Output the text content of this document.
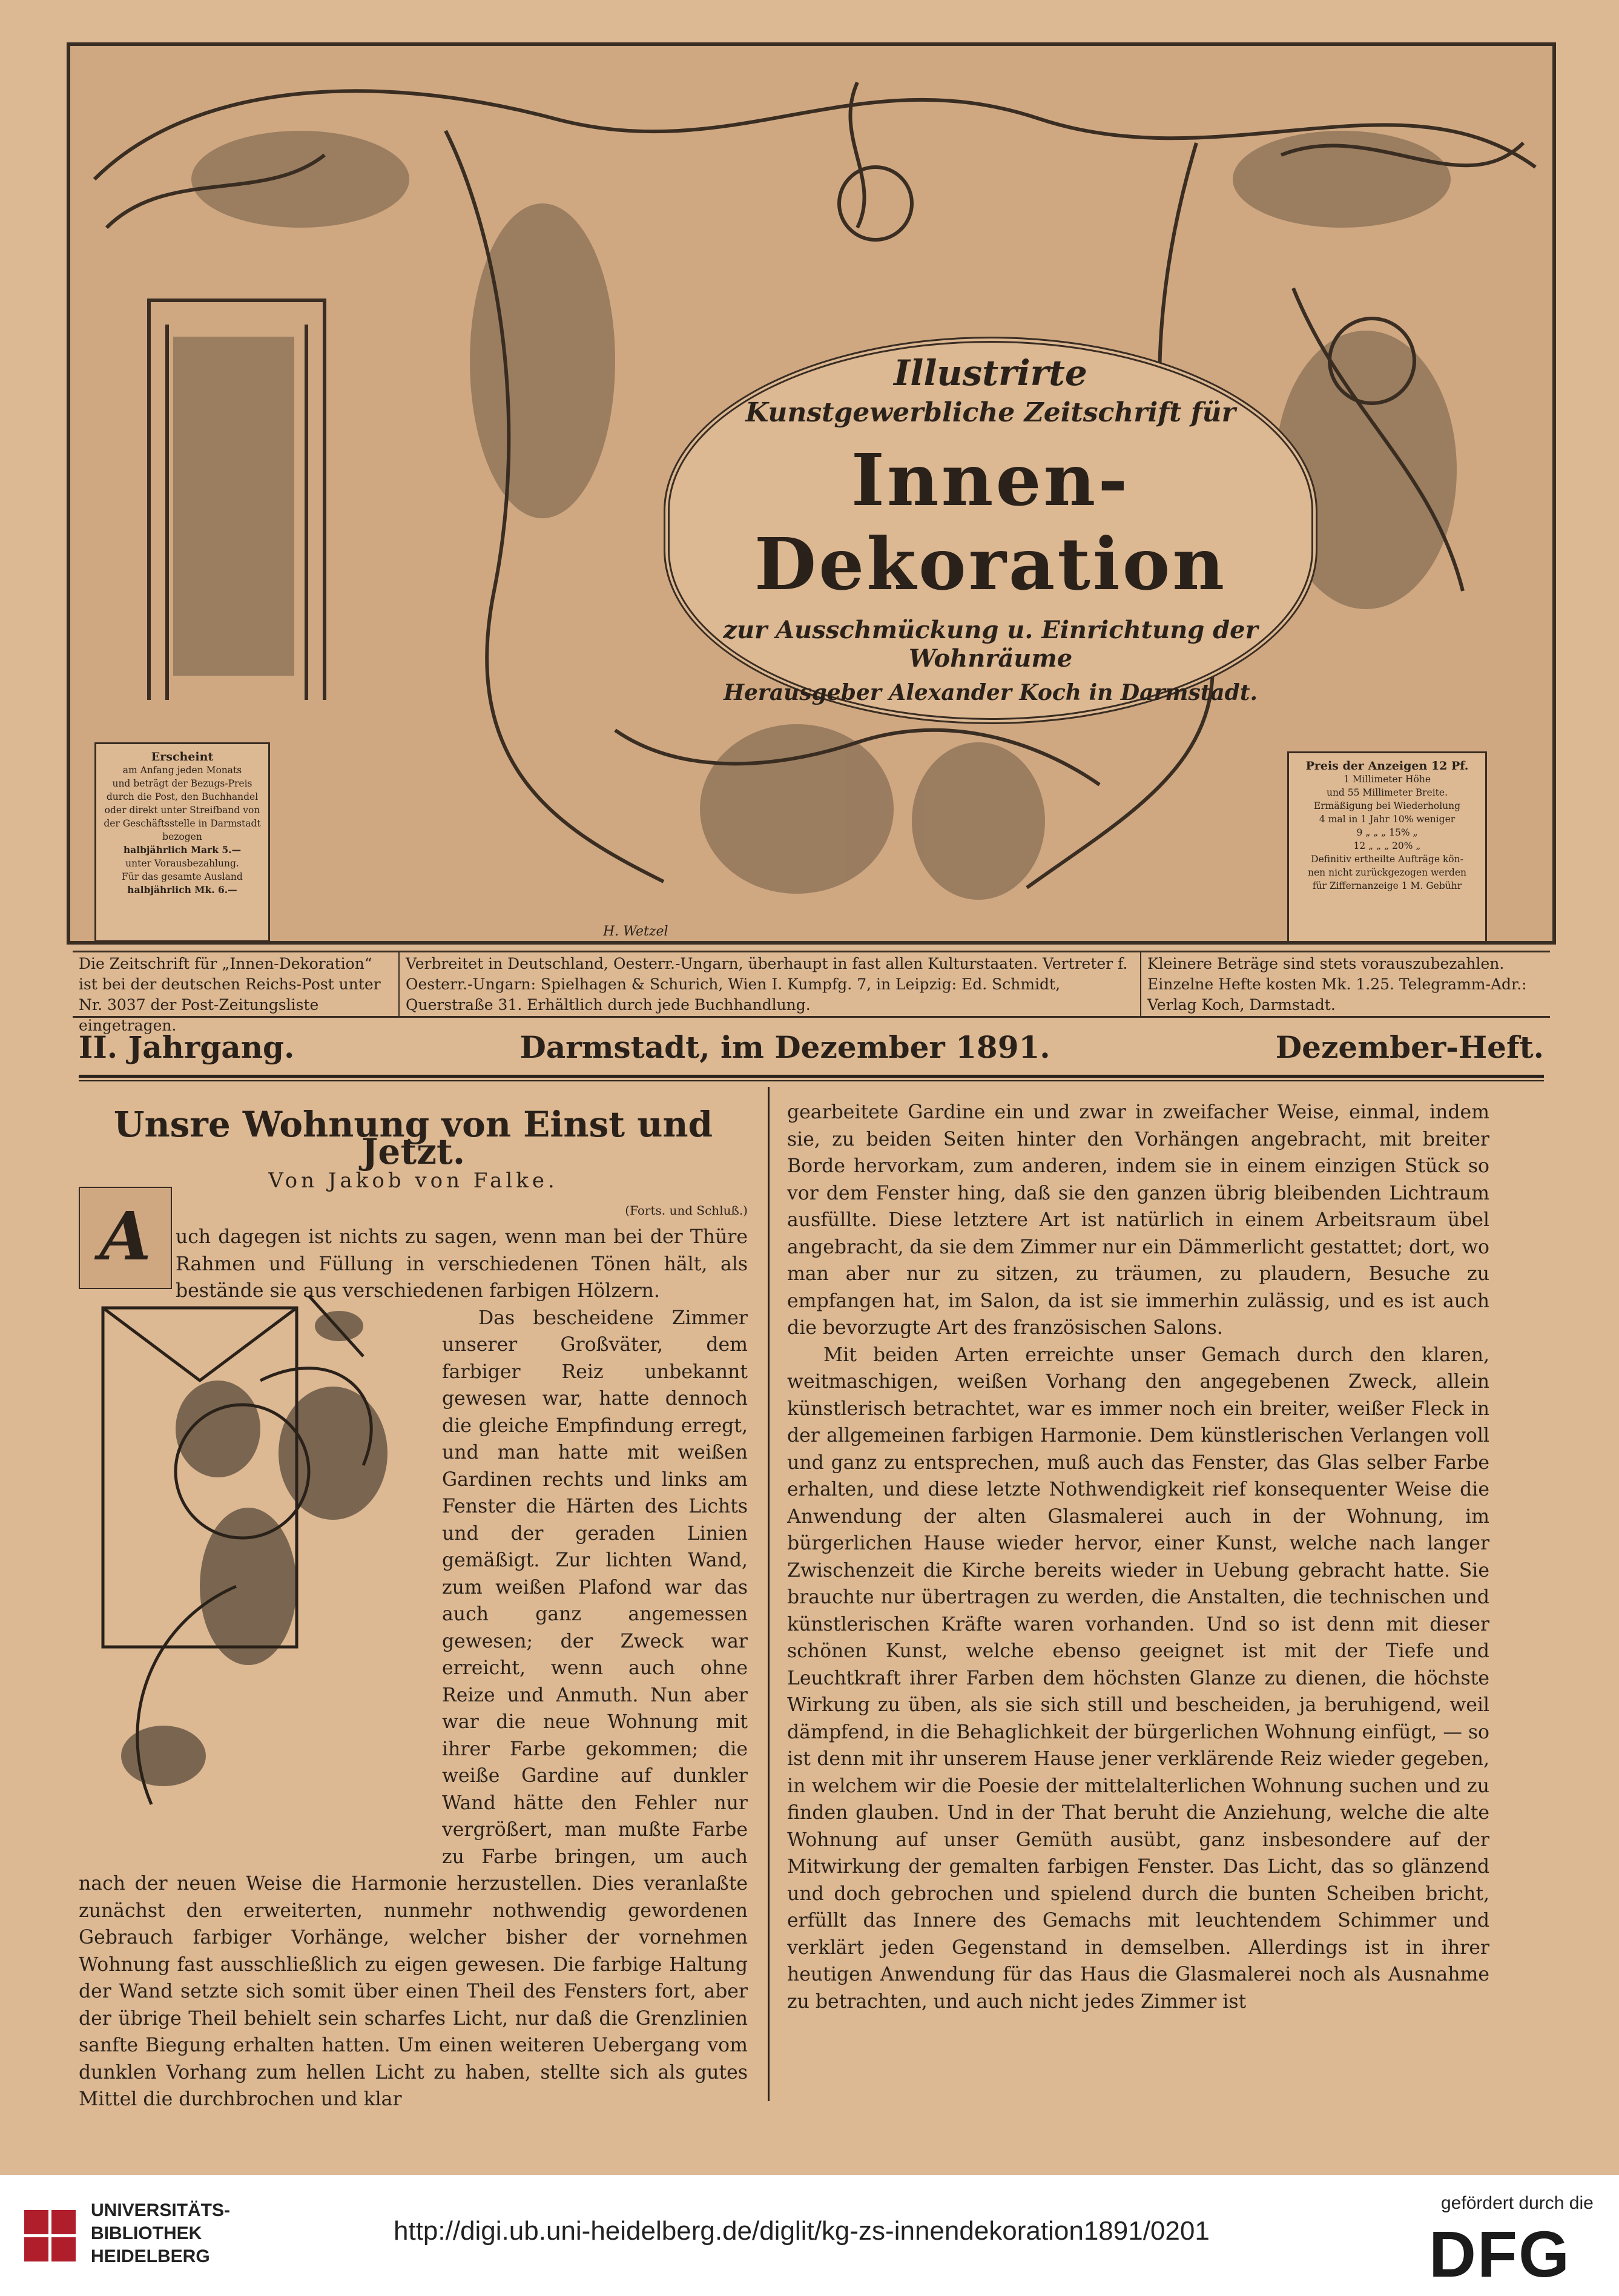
Illustrirte
Kunstgewerbliche Zeitschrift für
Innen-Dekoration
zur Ausschmückung u. Einrichtung der Wohnräume
Herausgeber Alexander Koch in Darmstadt.
Erscheint
am Anfang jeden Monats
und beträgt der Bezugs-Preis
durch die Post, den Buchhandel
oder direkt unter Streifband von
der Geschäftsstelle in Darmstadt
bezogen
halbjährlich Mark 5.—
unter Vorausbezahlung.
Für das gesamte Ausland
halbjährlich Mk. 6.—
Preis der Anzeigen 12 Pf.
1 Millimeter Höhe
und 55 Millimeter Breite.
Ermäßigung bei Wiederholung
4 mal in 1 Jahr 10% weniger
9 „ „ „ 15% „
12 „ „ „ 20% „
Definitiv ertheilte Aufträge kön-
nen nicht zurückgezogen werden
für Ziffernanzeige 1 M. Gebühr
H. Wetzel
Die Zeitschrift für „Innen-Dekoration“ ist bei der deutschen Reichs-Post unter Nr. 3037 der Post-Zeitungsliste eingetragen.
Verbreitet in Deutschland, Oesterr.-Ungarn, überhaupt in fast allen Kulturstaaten. Vertreter f. Oesterr.-Ungarn: Spielhagen & Schurich, Wien I. Kumpfg. 7, in Leipzig: Ed. Schmidt, Querstraße 31. Erhältlich durch jede Buchhandlung.
Kleinere Beträge sind stets vorauszubezahlen. Einzelne Hefte kosten Mk. 1.25. Telegramm-Adr.: Verlag Koch, Darmstadt.
II. Jahrgang.	Darmstadt, im Dezember 1891.	Dezember-Heft.
Unsre Wohnung von Einst und Jetzt.
Von Jakob von Falke.
(Forts. und Schluß.)

uch dagegen ist nichts zu sagen, wenn man bei der Thüre Rahmen und Füllung in verschiedenen Tönen hält, als bestände sie aus verschiedenen farbigen Hölzern.

Das bescheidene Zimmer unserer Großväter, dem farbiger Reiz unbekannt gewesen war, hatte dennoch die gleiche Empfindung erregt, und man hatte mit weißen Gardinen rechts und links am Fenster die Härten des Lichts und der geraden Linien gemäßigt. Zur lichten Wand, zum weißen Plafond war das auch ganz angemessen gewesen; der Zweck war erreicht, wenn auch ohne Reize und Anmuth. Nun aber war die neue Wohnung mit ihrer Farbe gekommen; die weiße Gardine auf dunkler Wand hätte den Fehler nur vergrößert, man mußte Farbe zu Farbe bringen, um auch nach der neuen Weise die Harmonie herzustellen. Dies veranlaßte zunächst den erweiterten, nunmehr nothwendig gewordenen Gebrauch farbiger Vorhänge, welcher bisher der vornehmen Wohnung fast ausschließlich zu eigen gewesen. Die farbige Haltung der Wand setzte sich somit über einen Theil des Fensters fort, aber der übrige Theil behielt sein scharfes Licht, nur daß die Grenzlinien sanfte Biegung erhalten hatten. Um einen weiteren Uebergang vom dunklen Vorhang zum hellen Licht zu haben, stellte sich als gutes Mittel die durchbrochen und klar

A

gearbeitete Gardine ein und zwar in zweifacher Weise, einmal, indem sie, zu beiden Seiten hinter den Vorhängen angebracht, mit breiter Borde hervorkam, zum anderen, indem sie in einem einzigen Stück so vor dem Fenster hing, daß sie den ganzen übrig bleibenden Lichtraum ausfüllte. Diese letztere Art ist natürlich in einem Arbeitsraum übel angebracht, da sie dem Zimmer nur ein Dämmerlicht gestattet; dort, wo man aber nur zu sitzen, zu träumen, zu plaudern, Besuche zu empfangen hat, im Salon, da ist sie immerhin zulässig, und es ist auch die bevorzugte Art des französischen Salons.

Mit beiden Arten erreichte unser Gemach durch den klaren, weitmaschigen, weißen Vorhang den angegebenen Zweck, allein künstlerisch betrachtet, war es immer noch ein breiter, weißer Fleck in der allgemeinen farbigen Harmonie. Dem künstlerischen Verlangen voll und ganz zu entsprechen, muß auch das Fenster, das Glas selber Farbe erhalten, und diese letzte Nothwendigkeit rief konsequenter Weise die Anwendung der alten Glasmalerei auch in der Wohnung, im bürgerlichen Hause wieder hervor, einer Kunst, welche nach langer Zwischenzeit die Kirche bereits wieder in Uebung gebracht hatte. Sie brauchte nur übertragen zu werden, die Anstalten, die technischen und künstlerischen Kräfte waren vorhanden. Und so ist denn mit dieser schönen Kunst, welche ebenso geeignet ist mit der Tiefe und Leuchtkraft ihrer Farben dem höchsten Glanze zu dienen, die höchste Wirkung zu üben, als sie sich still und bescheiden, ja beruhigend, weil dämpfend, in die Behaglichkeit der bürgerlichen Wohnung einfügt, — so ist denn mit ihr unserem Hause jener verklärende Reiz wieder gegeben, in welchem wir die Poesie der mittelalterlichen Wohnung suchen und zu finden glauben. Und in der That beruht die Anziehung, welche die alte Wohnung auf unser Gemüth ausübt, ganz insbesondere auf der Mitwirkung der gemalten farbigen Fenster. Das Licht, das so glänzend und doch gebrochen und spielend durch die bunten Scheiben bricht, erfüllt das Innere des Gemachs mit leuchtendem Schimmer und verklärt jeden Gegenstand in demselben. Allerdings ist in ihrer heutigen Anwendung für das Haus die Glasmalerei noch als Ausnahme zu betrachten, und auch nicht jedes Zimmer ist

UNIVERSITÄTS-
BIBLIOTHEK
HEIDELBERG
http://digi.ub.uni-heidelberg.de/diglit/kg-zs-innendekoration1891/0201
gefördert durch die
DFG
